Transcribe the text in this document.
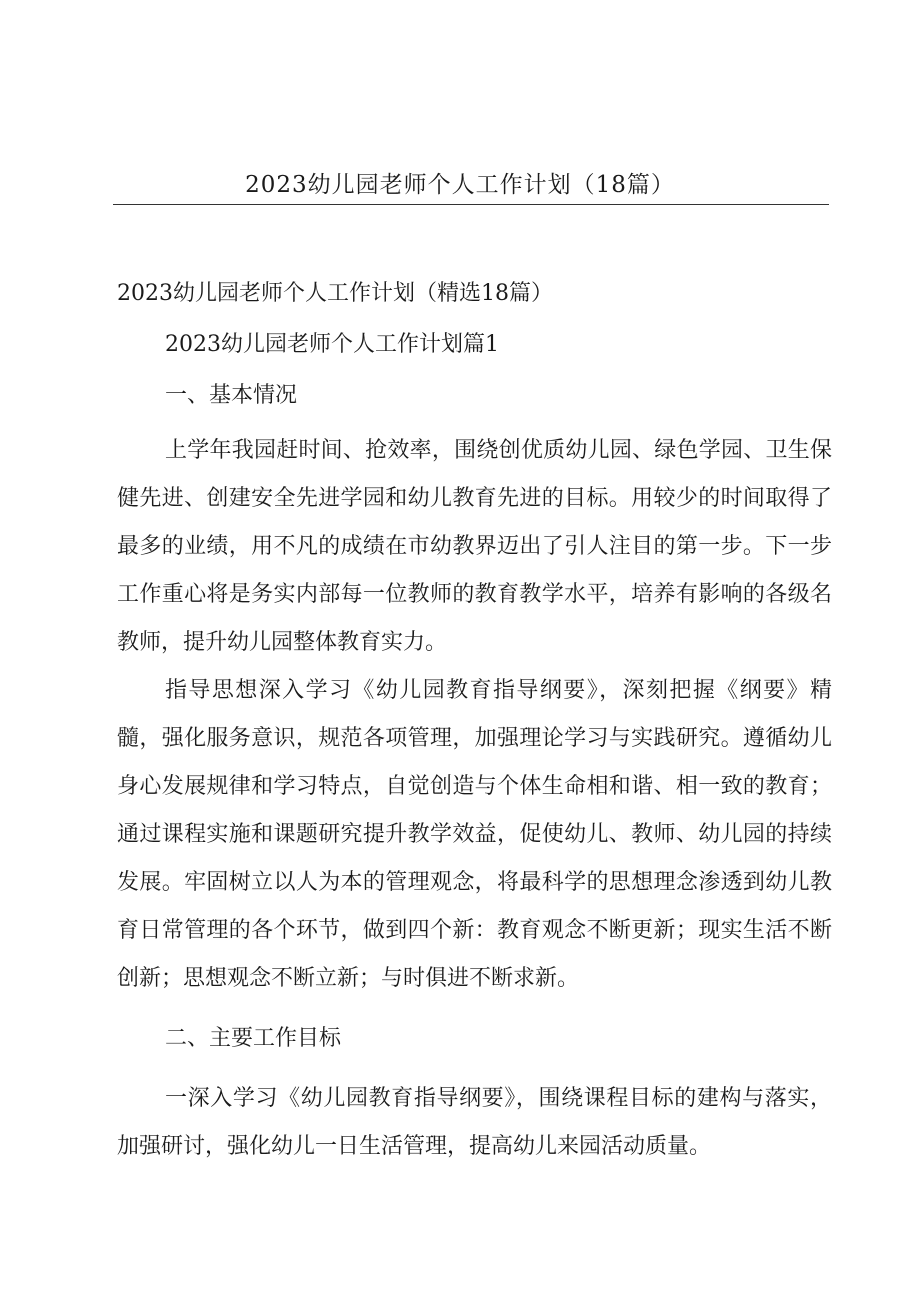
2023幼儿园老师个人工作计划（18篇）

2023幼儿园老师个人工作计划（精选18篇）

2023幼儿园老师个人工作计划篇1

一、基本情况

上学年我园赶时间、抢效率，围绕创优质幼儿园、绿色学园、卫生保健先进、创建安全先进学园和幼儿教育先进的目标。用较少的时间取得了最多的业绩，用不凡的成绩在市幼教界迈出了引人注目的第一步。下一步工作重心将是务实内部每一位教师的教育教学水平，培养有影响的各级名教师，提升幼儿园整体教育实力。

指导思想深入学习《幼儿园教育指导纲要》，深刻把握《纲要》精髓，强化服务意识，规范各项管理，加强理论学习与实践研究。遵循幼儿身心发展规律和学习特点，自觉创造与个体生命相和谐、相一致的教育；通过课程实施和课题研究提升教学效益，促使幼儿、教师、幼儿园的持续发展。牢固树立以人为本的管理观念，将最科学的思想理念渗透到幼儿教育日常管理的各个环节，做到四个新：教育观念不断更新；现实生活不断创新；思想观念不断立新；与时俱进不断求新。

二、主要工作目标

一深入学习《幼儿园教育指导纲要》，围绕课程目标的建构与落实，加强研讨，强化幼儿一日生活管理，提高幼儿来园活动质量。
